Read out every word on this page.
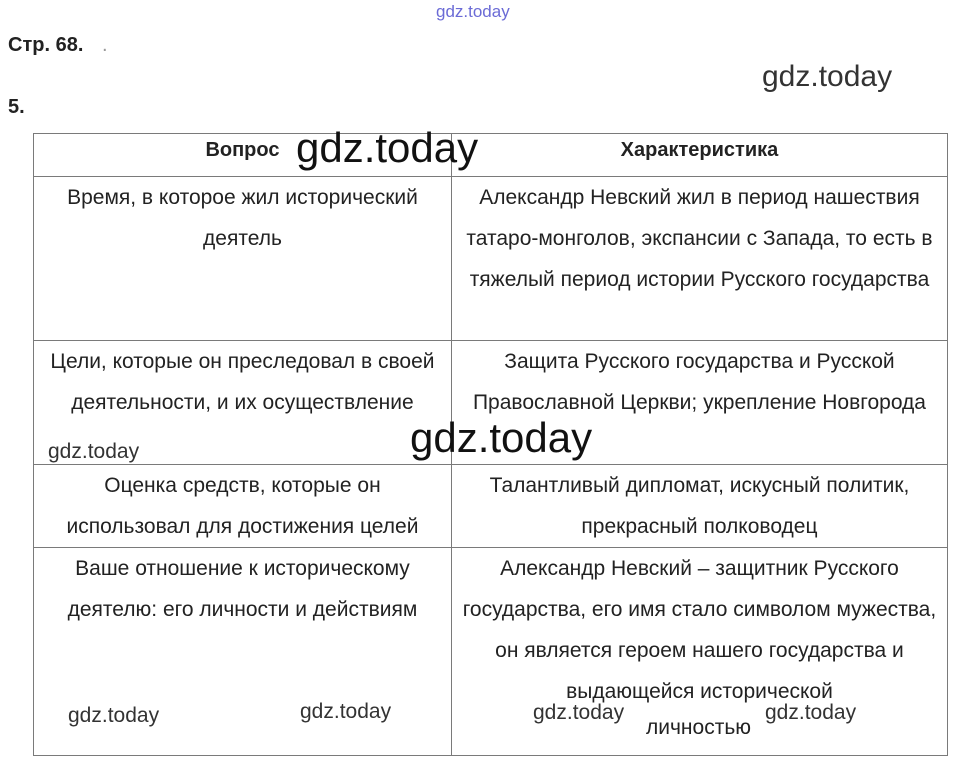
Стр. 68. .
5.
Вопрос	Характеристика
Время, в которое жил исторический деятель	Александр Невский жил в период нашествия татаро-монголов, экспансии с Запада, то есть в тяжелый период истории Русского государства
Цели, которые он преследовал в своей деятельности, и их осуществление	Защита Русского государства и Русской Православной Церкви; укрепление Новгорода
Оценка средств, которые он использовал для достижения целей	Талантливый дипломат, искусный политик, прекрасный полководец
Ваше отношение к историческому деятелю: его личности и действиям	Александр Невский – защитник Русского государства, его имя стало символом мужества, он является героем нашего государства и выдающейся исторической
личностью
gdz.today
gdz.today
gdz.today
gdz.today
gdz.today
gdz.today	gdz.today	gdz.today	gdz.today
